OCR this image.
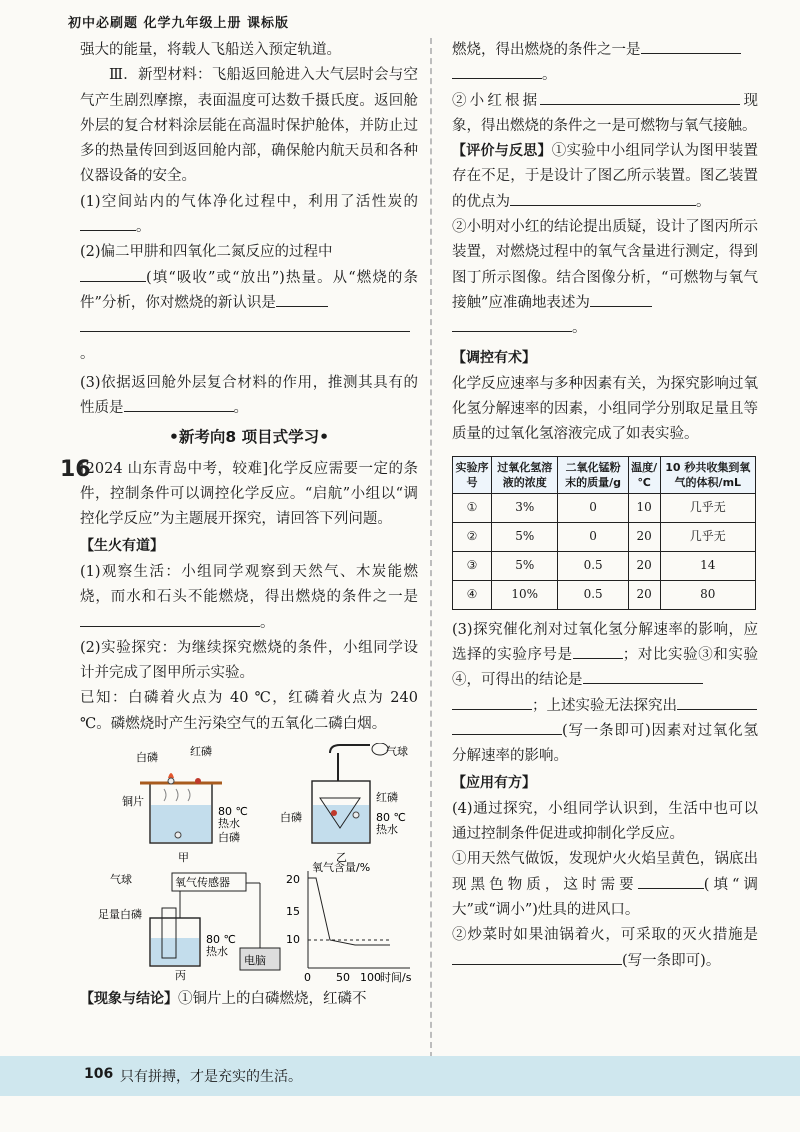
初中必刷题 化学九年级上册 课标版

强大的能量，将载人飞船送入预定轨道。

Ⅲ．新型材料：飞船返回舱进入大气层时会与空气产生剧烈摩擦，表面温度可达数千摄氏度。返回舱外层的复合材料涂层能在高温时保护舱体，并防止过多的热量传回到返回舱内部，确保舱内航天员和各种仪器设备的安全。

(1)空间站内的气体净化过程中，利用了活性炭的。

(2)偏二甲肼和四氧化二氮反应的过程中
(填“吸收”或“放出”)热量。从“燃烧的条件”分析，你对燃烧的新认识是
。

(3)依据返回舱外层复合材料的作用，推测其具有的性质是	。

•新考向8 项目式学习•
16

[2024 山东青岛中考，较难]化学反应需要一定的条件，控制条件可以调控化学反应。“启航”小组以“调控化学反应”为主题展开探究，请回答下列问题。

【生火有道】

(1)观察生活：小组同学观察到天然气、木炭能燃烧，而水和石头不能燃烧，得出燃烧的条件之一是。

(2)实验探究：为继续探究燃烧的条件，小组同学设计并完成了图甲所示实验。

已知：白磷着火点为 40 ℃，红磷着火点为 240 ℃。磷燃烧时产生污染空气的五氧化二磷白烟。

白磷	红磷
铜片
80 ℃热水
白磷
甲
气球
红磷
白磷	80 ℃热水
乙
氧气传感器
电脑
气球
足量白磷
80 ℃热水
丙
氧气含量/%
20
15
10
0 50 100 时间/s

【现象与结论】①铜片上的白磷燃烧，红磷不

燃烧，得出燃烧的条件之一是
。

②小红根据	现象，得出燃烧的条件之一是可燃物与氧气接触。

【评价与反思】①实验中小组同学认为图甲装置存在不足，于是设计了图乙所示装置。图乙装置的优点为	。

②小明对小红的结论提出质疑，设计了图丙所示装置，对燃烧过程中的氧气含量进行测定，得到图丁所示图像。结合图像分析，“可燃物与氧气接触”应准确地表述为
。

【调控有术】

化学反应速率与多种因素有关，为探究影响过氧化氢分解速率的因素，小组同学分别取足量且等质量的过氧化氢溶液完成了如表实验。

实验序号	过氧化氢溶液的浓度	二氧化锰粉末的质量/g	温度/℃	10 秒共收集到氧气的体积/mL
①	3%	0	10	几乎无
②	5%	0	20	几乎无
③	5%	0.5	20	14
④	10%	0.5	20	80

(3)探究催化剂对过氧化氢分解速率的影响，应选择的实验序号是	；对比实验③和实验④，可得出的结论是
；上述实验无法探究出
(写一条即可)因素对过氧化氢分解速率的影响。

【应用有方】

(4)通过探究，小组同学认识到，生活中也可以通过控制条件促进或抑制化学反应。

①用天然气做饭，发现炉火火焰呈黄色，锅底出现黑色物质，这时需要	(填“调大”或“调小”)灶具的进风口。

②炒菜时如果油锅着火，可采取的灭火措施是(写一条即可)。

106 只有拼搏，才是充实的生活。
